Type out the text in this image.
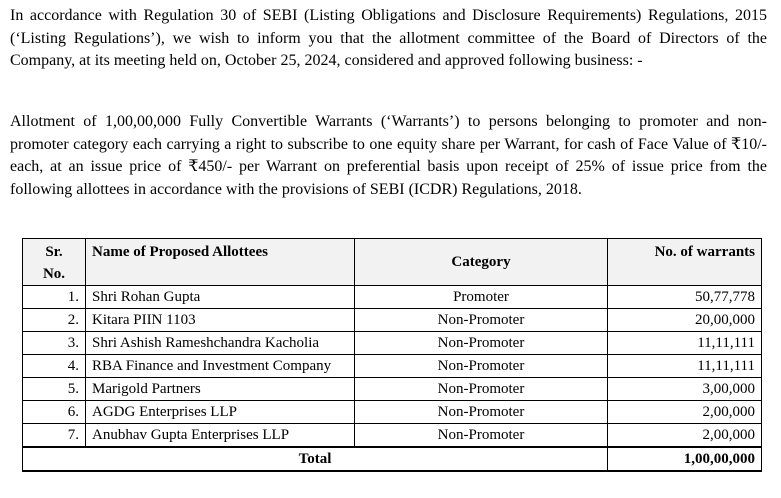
In accordance with Regulation 30 of SEBI (Listing Obligations and Disclosure Requirements) Regulations, 2015 (‘Listing Regulations’), we wish to inform you that the allotment committee of the Board of Directors of the Company, at its meeting held on, October 25, 2024, considered and approved following business: -

Allotment of 1,00,00,000 Fully Convertible Warrants (‘Warrants’) to persons belonging to promoter and non-promoter category each carrying a right to subscribe to one equity share per Warrant, for cash of Face Value of ₹10/- each, at an issue price of ₹450/- per Warrant on preferential basis upon receipt of 25% of issue price from the following allottees in accordance with the provisions of SEBI (ICDR) Regulations, 2018.

Sr.
No.	Name of Proposed Allottees	Category	No. of warrants
1.	Shri Rohan Gupta	Promoter	50,77,778
2.	Kitara PIIN 1103	Non-Promoter	20,00,000
3.	Shri Ashish Rameshchandra Kacholia	Non-Promoter	11,11,111
4.	RBA Finance and Investment Company	Non-Promoter	11,11,111
5.	Marigold Partners	Non-Promoter	3,00,000
6.	AGDG Enterprises LLP	Non-Promoter	2,00,000
7.	Anubhav Gupta Enterprises LLP	Non-Promoter	2,00,000
Total			1,00,00,000
